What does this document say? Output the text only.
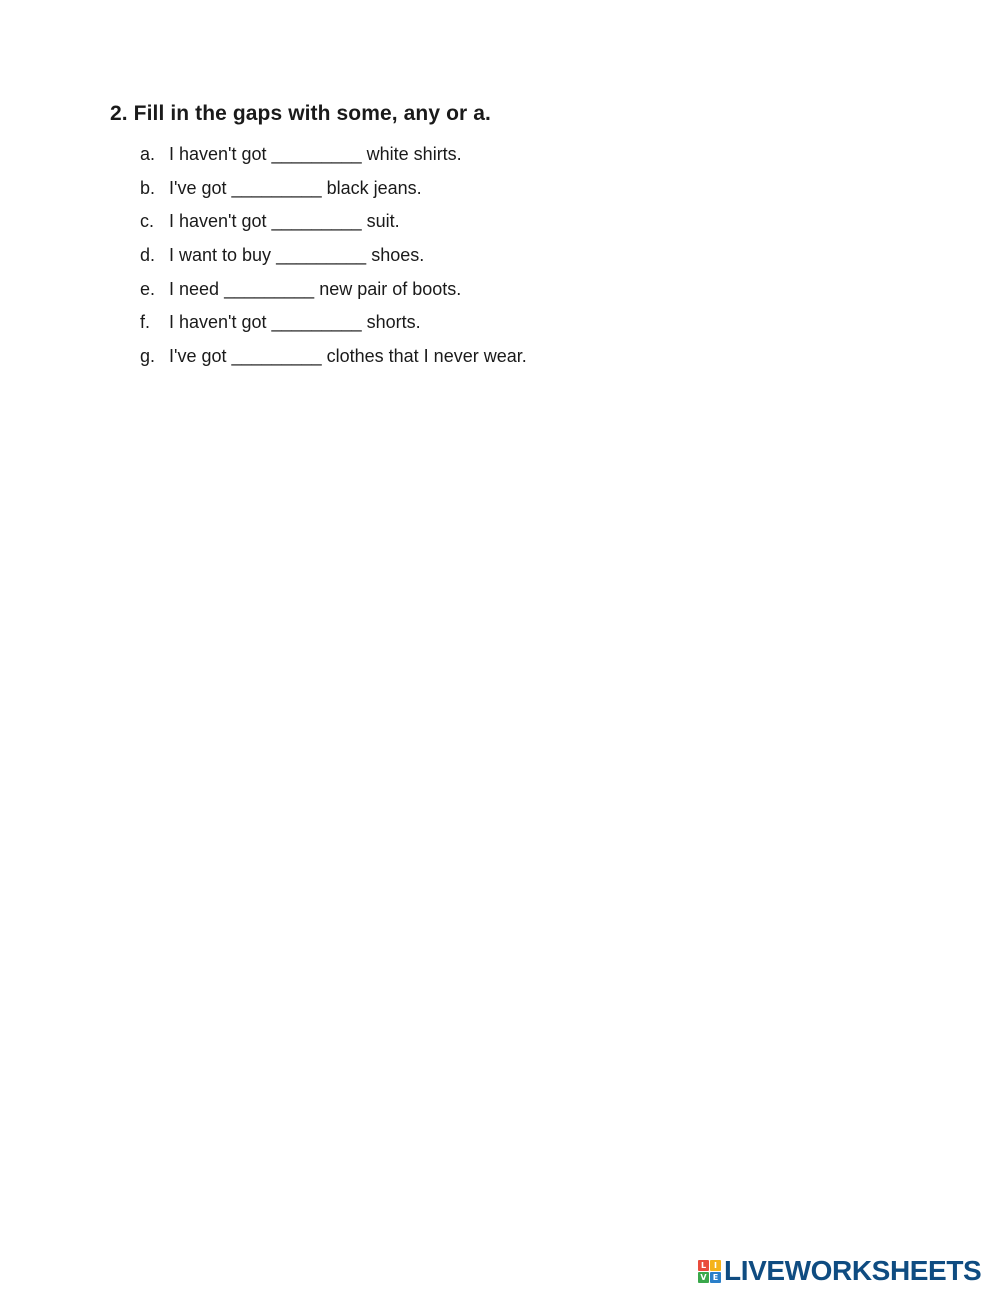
2. Fill in the gaps with some, any or a.
a. I haven't got _________ white shirts.
b. I've got _________ black jeans.
c. I haven't got _________ suit.
d. I want to buy _________ shoes.
e. I need _________ new pair of boots.
f. I haven't got _________ shorts.
g. I've got _________ clothes that I never wear.
L I
V E LIVEWORKSHEETS
